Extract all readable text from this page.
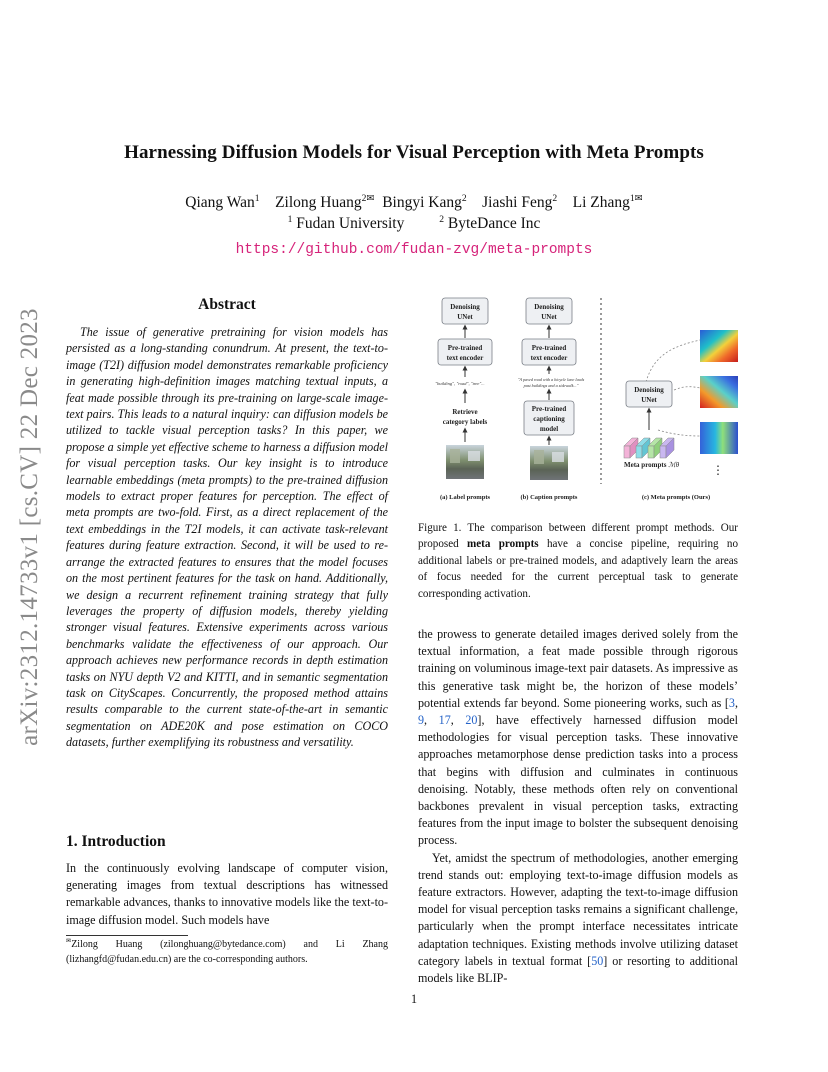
arXiv:2312.14733v1 [cs.CV] 22 Dec 2023
Harnessing Diffusion Models for Visual Perception with Meta Prompts
Qiang Wan$^1$ Zilong Huang$^{2✉}$ Bingyi Kang$^2$ Jiashi Feng$^2$ Li Zhang$^{1✉}$
$^1$ Fudan University	$^2$ ByteDance Inc
https://github.com/fudan-zvg/meta-prompts
Abstract
The issue of generative pretraining for vision models has persisted as a long-standing conundrum. At present, the text-to-image (T2I) diffusion model demonstrates remarkable proficiency in generating high-definition images matching textual inputs, a feat made possible through its pre-training on large-scale image-text pairs. This leads to a natural inquiry: can diffusion models be utilized to tackle visual perception tasks? In this paper, we propose a simple yet effective scheme to harness a diffusion model for visual perception tasks. Our key insight is to introduce learnable embeddings (meta prompts) to the pre-trained diffusion models to extract proper features for perception. The effect of meta prompts are two-fold. First, as a direct replacement of the text embeddings in the T2I models, it can activate task-relevant features during feature extraction. Second, it will be used to re-arrange the extracted features to ensures that the model focuses on the most pertinent features for the task on hand. Additionally, we design a recurrent refinement training strategy that fully leverages the property of diffusion models, thereby yielding stronger visual features. Extensive experiments across various benchmarks validate the effectiveness of our approach. Our approach achieves new performance records in depth estimation tasks on NYU depth V2 and KITTI, and in semantic segmentation task on CityScapes. Concurrently, the proposed method attains results comparable to the current state-of-the-art in semantic segmentation on ADE20K and pose estimation on COCO datasets, further exemplifying its robustness and versatility.
1. Introduction
In the continuously evolving landscape of computer vision, generating images from textual descriptions has witnessed remarkable advances, thanks to innovative models like the text-to-image diffusion model. Such models have
✉Zilong Huang (zilonghuang@bytedance.com) and Li Zhang (lizhangfd@fudan.edu.cn) are the co-corresponding authors.
Denoising
UNet
Pre-trained
text encoder
"building", "road", "tree"...
Retrieve
category labels
(a) Label prompts
Denoising
UNet
Pre-trained
text encoder
"A paved road with a bicycle lane leads
past buildings and a sidewalk..."
Pre-trained
captioning
model
(b) Caption prompts
Denoising
UNet
Meta prompts ℳθ	⋮
(c) Meta prompts (Ours)
Figure 1. The comparison between different prompt methods. Our proposed meta prompts have a concise pipeline, requiring no additional labels or pre-trained models, and adaptively learn the areas of focus needed for the current perceptual task to generate corresponding activation.

the prowess to generate detailed images derived solely from the textual information, a feat made possible through rigorous training on voluminous image-text pair datasets. As impressive as this generative task might be, the horizon of these models’ potential extends far beyond. Some pioneering works, such as [3, 9, 17, 20], have effectively harnessed diffusion model methodologies for visual perception tasks. These innovative approaches metamorphose dense prediction tasks into a process that begins with diffusion and culminates in continuous denoising. Notably, these methods often rely on conventional backbones prevalent in visual perception tasks, extracting features from the input image to bolster the subsequent denoising process.

Yet, amidst the spectrum of methodologies, another emerging trend stands out: employing text-to-image diffusion models as feature extractors. However, adapting the text-to-image diffusion model for visual perception tasks remains a significant challenge, particularly when the prompt interface necessitates intricate adaptation techniques. Existing methods involve utilizing dataset category labels in textual format [50] or resorting to additional models like BLIP-

1
